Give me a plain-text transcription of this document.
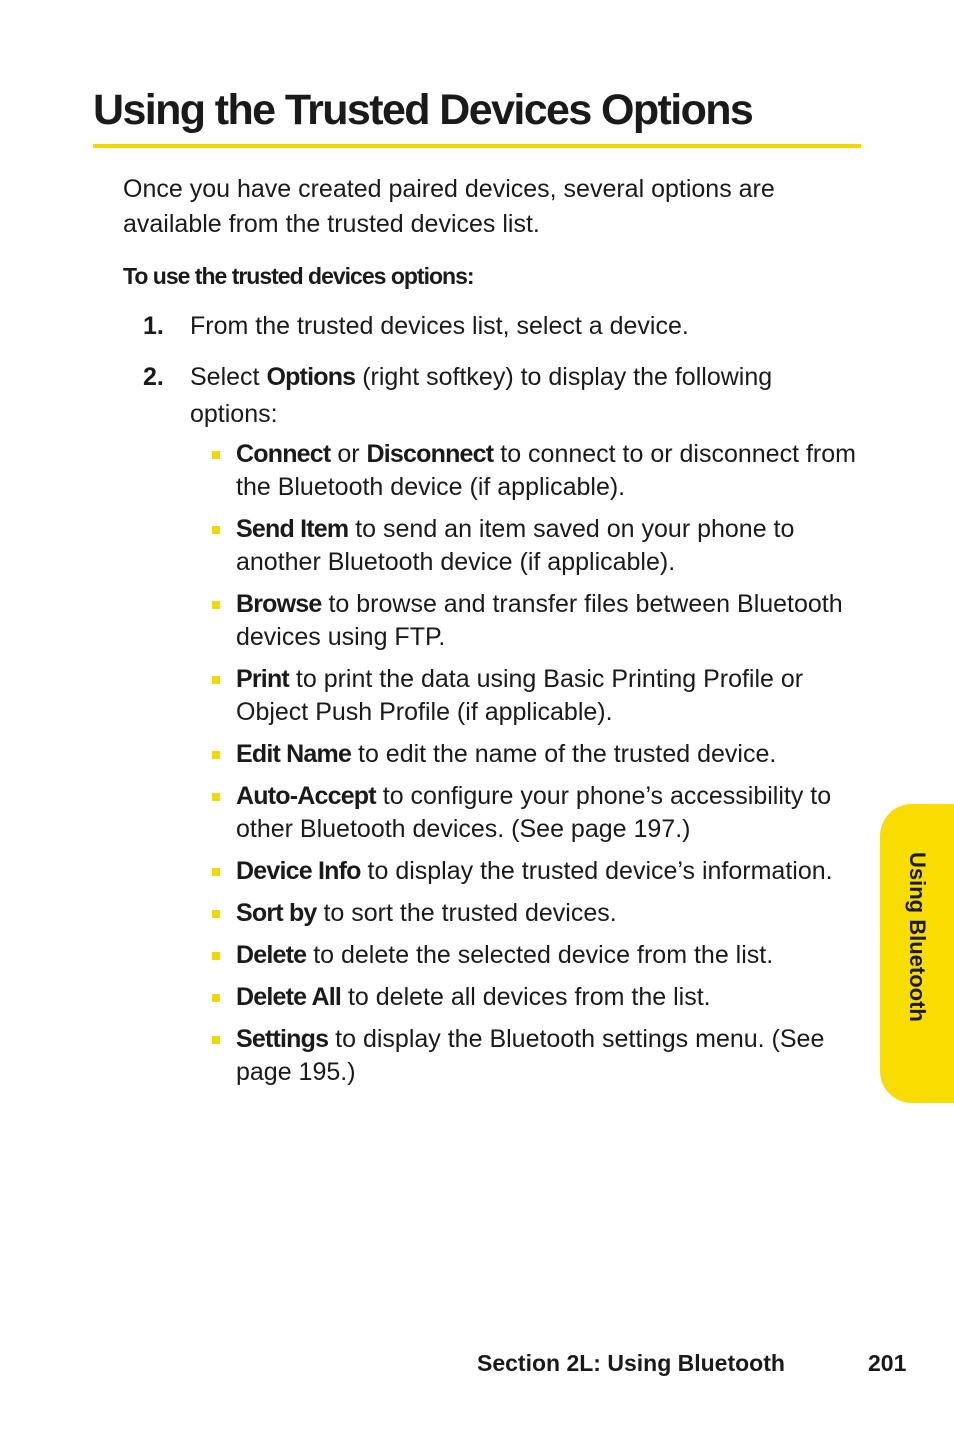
Using the Trusted Devices Options

Once you have created paired devices, several options are available from the trusted devices list.

To use the trusted devices options:

1. From the trusted devices list, select a device.
2. Select Options (right softkey) to display the following options:
Connect or Disconnect to connect to or disconnect from the Bluetooth device (if applicable).
Send Item to send an item saved on your phone to another Bluetooth device (if applicable).
Browse to browse and transfer files between Bluetooth devices using FTP.
Print to print the data using Basic Printing Profile or Object Push Profile (if applicable).
Edit Name to edit the name of the trusted device.
Auto-Accept to configure your phone’s accessibility to other Bluetooth devices. (See page 197.)
Device Info to display the trusted device’s information.
Sort by to sort the trusted devices.
Delete to delete the selected device from the list.
Delete All to delete all devices from the list.
Settings to display the Bluetooth settings menu. (See page 195.)
Using Bluetooth
Section 2L: Using Bluetooth	201
